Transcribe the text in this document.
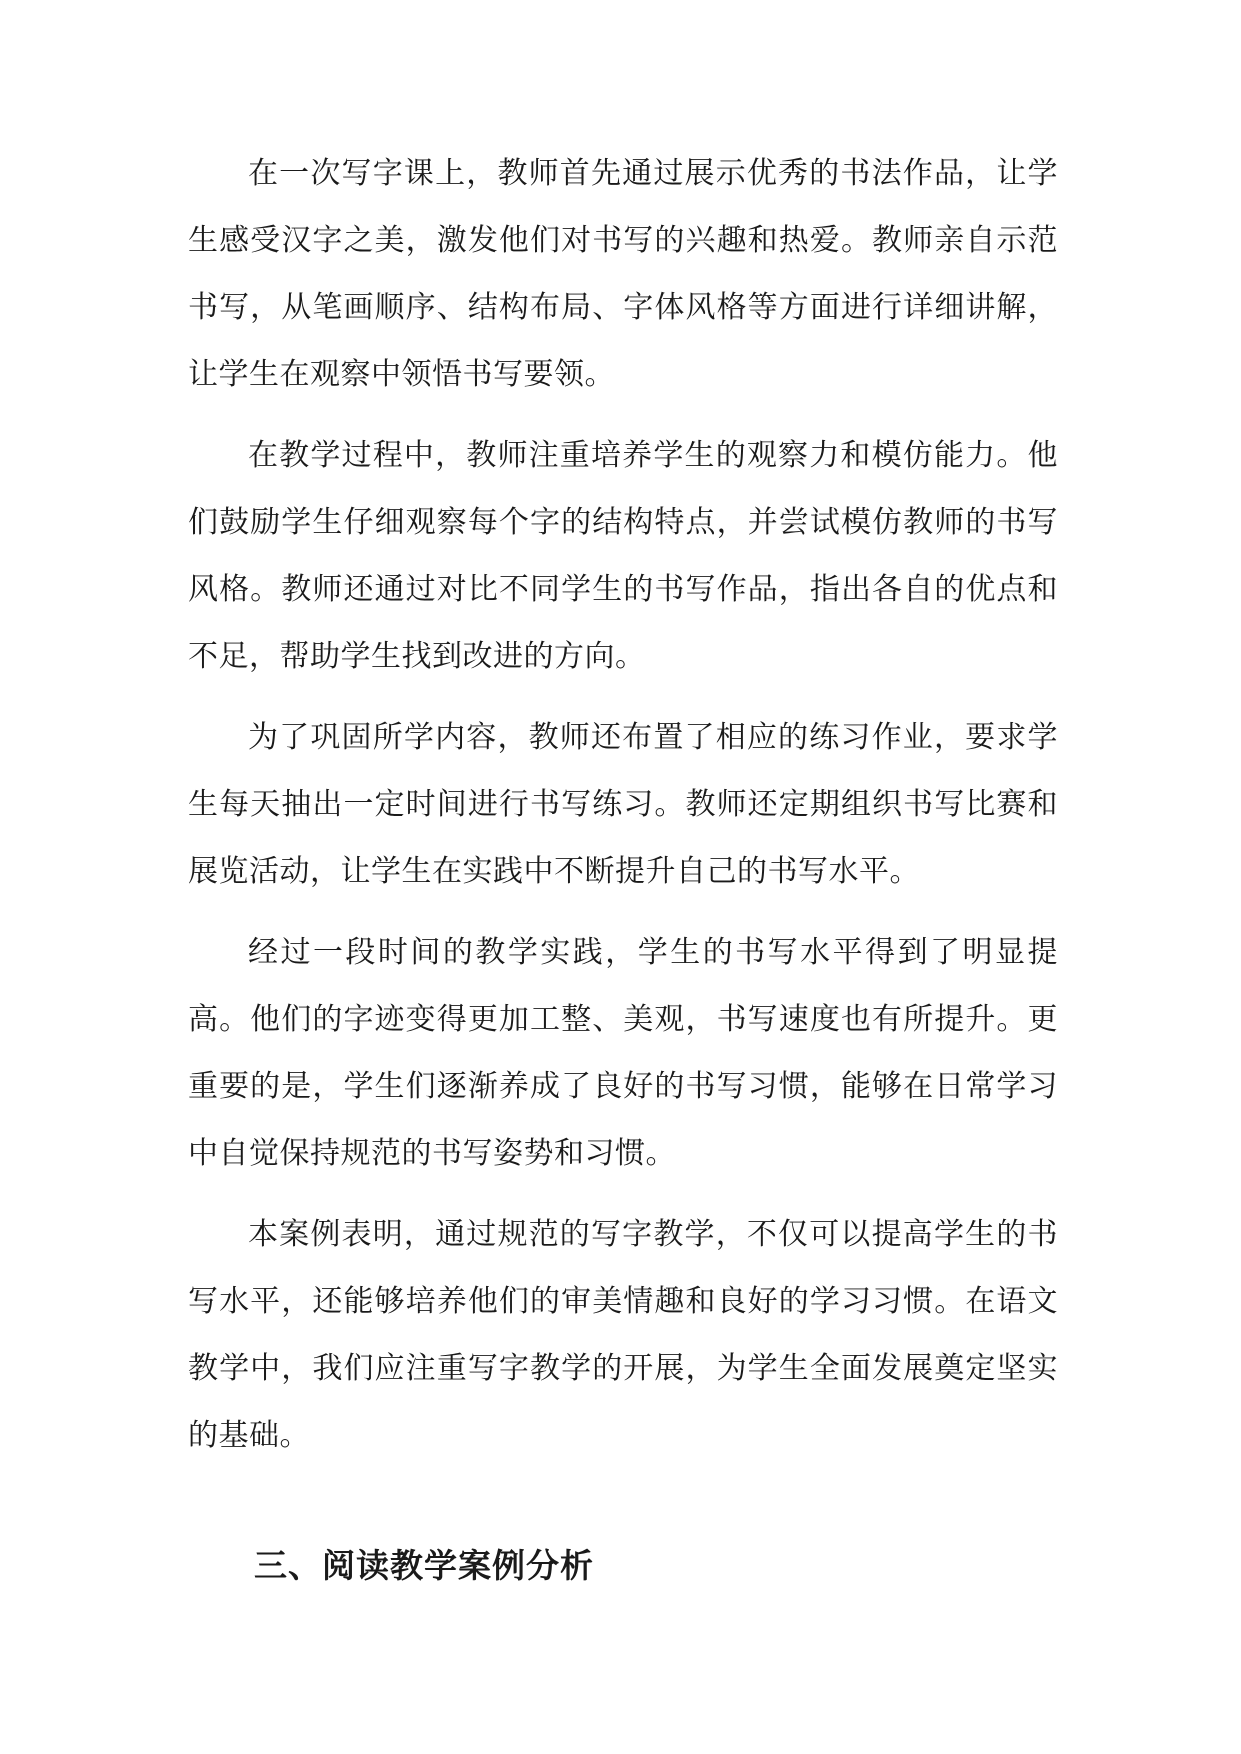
在一次写字课上，教师首先通过展示优秀的书法作品，让学生感受汉字之美，激发他们对书写的兴趣和热爱。教师亲自示范书写，从笔画顺序、结构布局、字体风格等方面进行详细讲解，让学生在观察中领悟书写要领。

在教学过程中，教师注重培养学生的观察力和模仿能力。他们鼓励学生仔细观察每个字的结构特点，并尝试模仿教师的书写风格。教师还通过对比不同学生的书写作品，指出各自的优点和不足，帮助学生找到改进的方向。

为了巩固所学内容，教师还布置了相应的练习作业，要求学生每天抽出一定时间进行书写练习。教师还定期组织书写比赛和展览活动，让学生在实践中不断提升自己的书写水平。

经过一段时间的教学实践，学生的书写水平得到了明显提高。他们的字迹变得更加工整、美观，书写速度也有所提升。更重要的是，学生们逐渐养成了良好的书写习惯，能够在日常学习中自觉保持规范的书写姿势和习惯。

本案例表明，通过规范的写字教学，不仅可以提高学生的书写水平，还能够培养他们的审美情趣和良好的学习习惯。在语文教学中，我们应注重写字教学的开展，为学生全面发展奠定坚实的基础。

三、阅读教学案例分析
